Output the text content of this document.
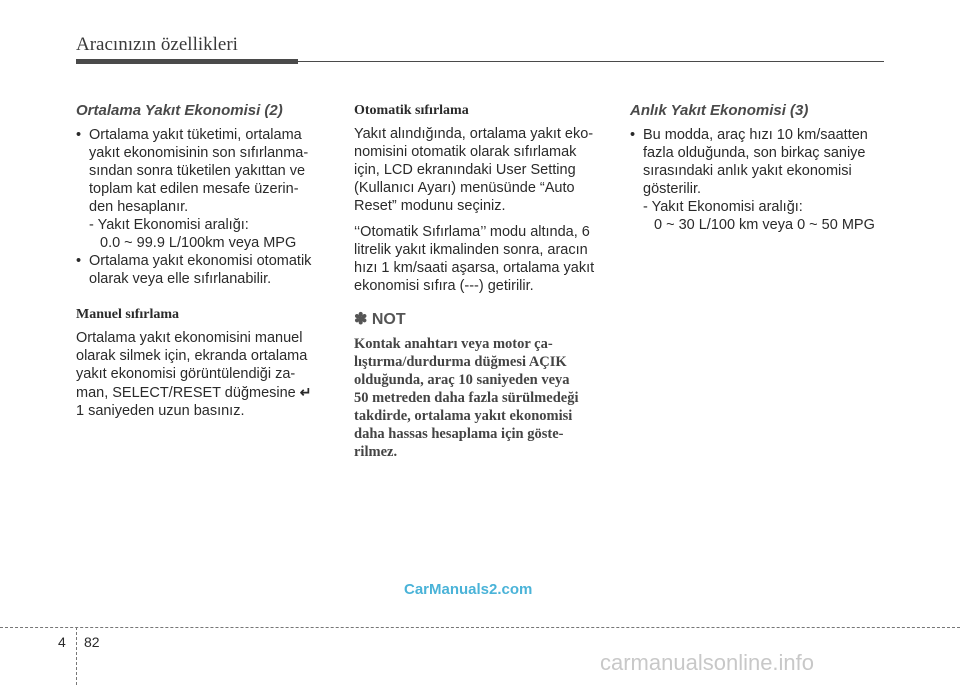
Aracınızın özellikleri
Ortalama Yakıt Ekonomisi (2)
• Ortalama yakıt tüketimi, ortalama
yakıt ekonomisinin son sıfırlanma-
sından sonra tüketilen yakıttan ve
toplam kat edilen mesafe üzerin-
den hesaplanır.
- Yakıt Ekonomisi aralığı:
0.0 ~ 99.9 L/100km veya MPG
• Ortalama yakıt ekonomisi otomatik
olarak veya elle sıfırlanabilir.
Manuel sıfırlama
Ortalama yakıt ekonomisini manuel
olarak silmek için, ekranda ortalama
yakıt ekonomisi görüntülendiği za-
man, SELECT/RESET düğmesine ↵
1 saniyeden uzun basınız.
Otomatik sıfırlama
Yakıt alındığında, ortalama yakıt eko-
nomisini otomatik olarak sıfırlamak
için, LCD ekranındaki User Setting
(Kullanıcı Ayarı) menüsünde “Auto
Reset” modunu seçiniz.
‘‘Otomatik Sıfırlama’’ modu altında, 6
litrelik yakıt ikmalinden sonra, aracın
hızı 1 km/saati aşarsa, ortalama yakıt
ekonomisi sıfıra (---) getirilir.
✽ NOT
Kontak anahtarı veya motor ça-
lıştırma/durdurma düğmesi AÇIK
olduğunda, araç 10 saniyeden veya
50 metreden daha fazla sürülmedeği
takdirde, ortalama yakıt ekonomisi
daha hassas hesaplama için göste-
rilmez.
Anlık Yakıt Ekonomisi (3)
• Bu modda, araç hızı 10 km/saatten
fazla olduğunda, son birkaç saniye
sırasındaki anlık yakıt ekonomisi
gösterilir.
- Yakıt Ekonomisi aralığı:
0 ~ 30 L/100 km veya 0 ~ 50 MPG
CarManuals2.com
4 82
carmanualsonline.info
